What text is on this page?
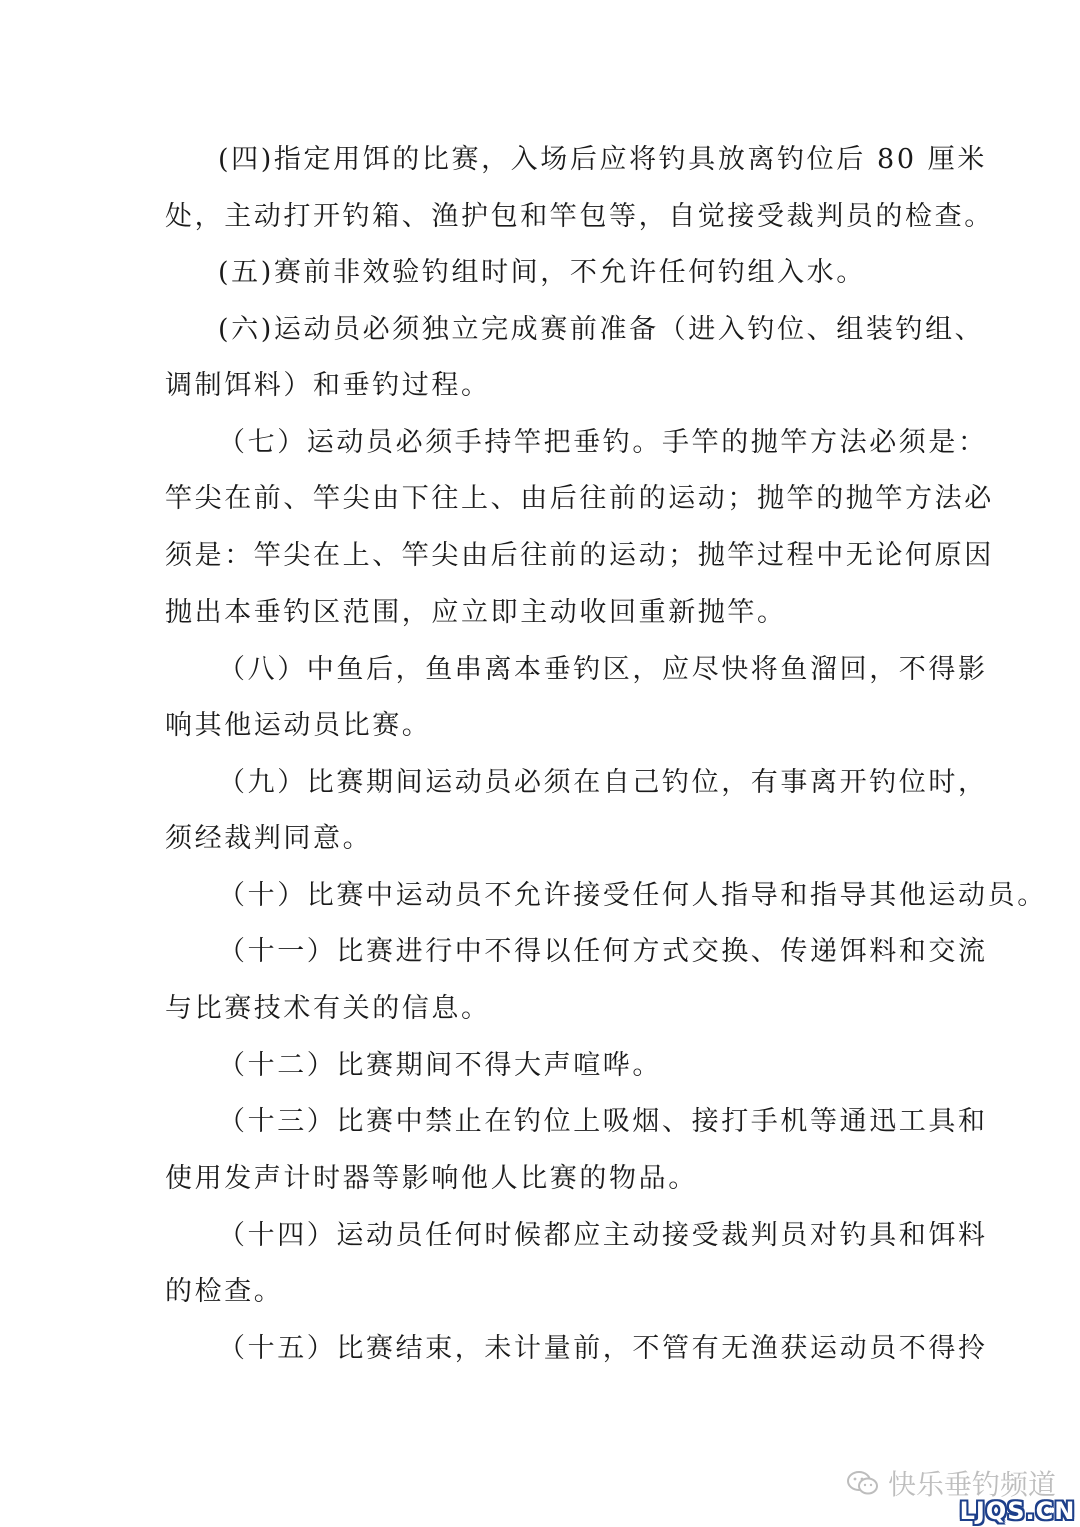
(四)指定用饵的比赛，入场后应将钓具放离钓位后 80 厘米
处，主动打开钓箱、渔护包和竿包等，自觉接受裁判员的检查。
(五)赛前非效验钓组时间，不允许任何钓组入水。
(六)运动员必须独立完成赛前准备（进入钓位、组装钓组、
调制饵料）和垂钓过程。
（七）运动员必须手持竿把垂钓。手竿的抛竿方法必须是：
竿尖在前、竿尖由下往上、由后往前的运动；抛竿的抛竿方法必
须是：竿尖在上、竿尖由后往前的运动；抛竿过程中无论何原因
抛出本垂钓区范围，应立即主动收回重新抛竿。
（八）中鱼后，鱼串离本垂钓区，应尽快将鱼溜回，不得影
响其他运动员比赛。
（九）比赛期间运动员必须在自己钓位，有事离开钓位时，
须经裁判同意。
（十）比赛中运动员不允许接受任何人指导和指导其他运动员。
（十一）比赛进行中不得以任何方式交换、传递饵料和交流
与比赛技术有关的信息。
（十二）比赛期间不得大声喧哗。
（十三）比赛中禁止在钓位上吸烟、接打手机等通迅工具和
使用发声计时器等影响他人比赛的物品。
（十四）运动员任何时候都应主动接受裁判员对钓具和饵料
的检查。
（十五）比赛结束，未计量前，不管有无渔获运动员不得拎
快乐垂钓频道
LJQS.CN
